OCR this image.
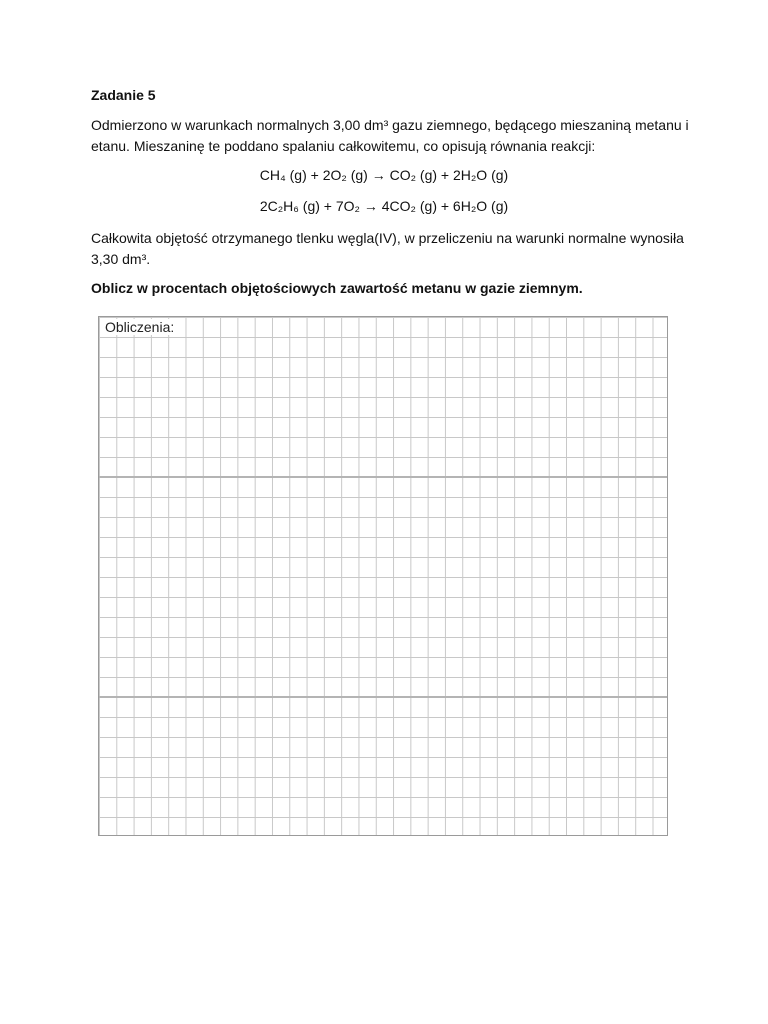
Zadanie 5
Odmierzono w warunkach normalnych 3,00 dm³ gazu ziemnego, będącego mieszaniną metanu i etanu. Mieszaninę te poddano spalaniu całkowitemu, co opisują równania reakcji:
CH₄ (g) + 2O₂ (g) → CO₂ (g) + 2H₂O (g)
2C₂H₆ (g) + 7O₂ → 4CO₂ (g) + 6H₂O (g)
Całkowita objętość otrzymanego tlenku węgla(IV), w przeliczeniu na warunki normalne wynosiła 3,30 dm³.
Oblicz w procentach objętościowych zawartość metanu w gazie ziemnym.
Obliczenia:
